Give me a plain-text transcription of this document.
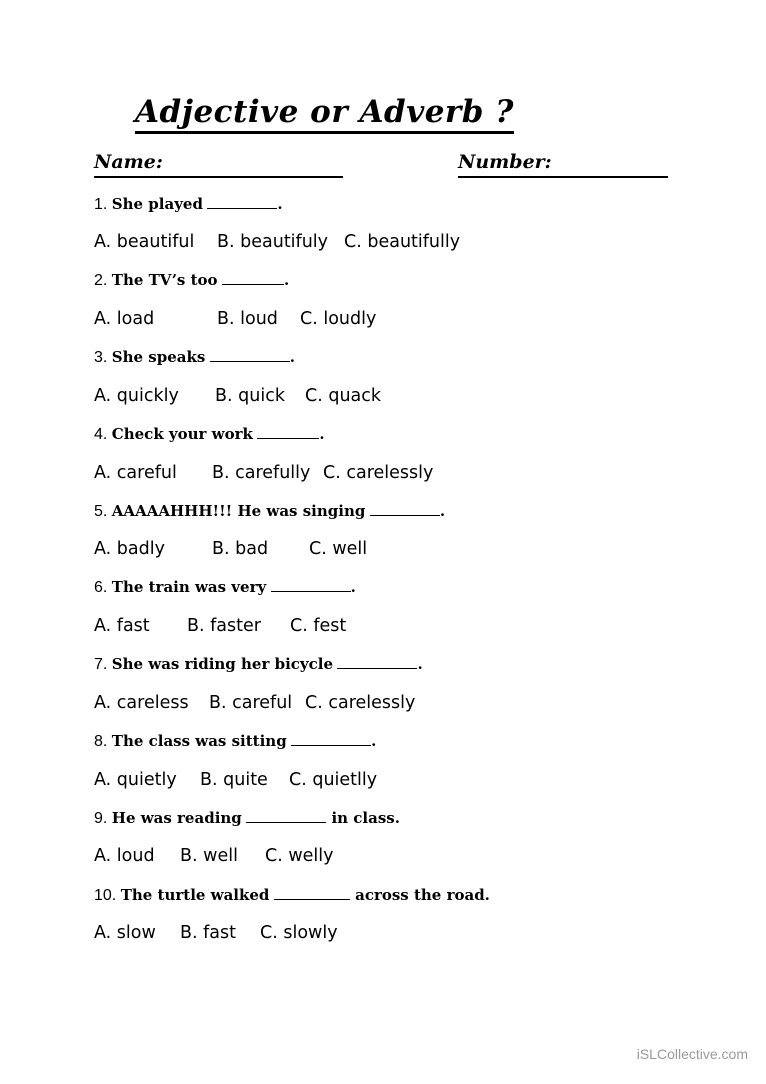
Adjective or Adverb ?
Name:	Number:
1. She played	.
A. beautiful B. beautifuly C. beautifully
2. The TV’s too	.
A. load	B. loud C. loudly
3. She speaks	.
A. quickly B. quick C. quack
4. Check your work	.
A. careful B. carefully C. carelessly
5. AAAAAHHH!!! He was singing	.
A. badly	B. bad C. well
6. The train was very	.
A. fast B. faster C. fest
7. She was riding her bicycle	.
A. careless B. careful C. carelessly
8. The class was sitting	.
A. quietly B. quite C. quietlly
9. He was reading	in class.
A. loud B. well C. welly
10. The turtle walked	across the road.
A. slow B. fast C. slowly
iSLCollective.com
